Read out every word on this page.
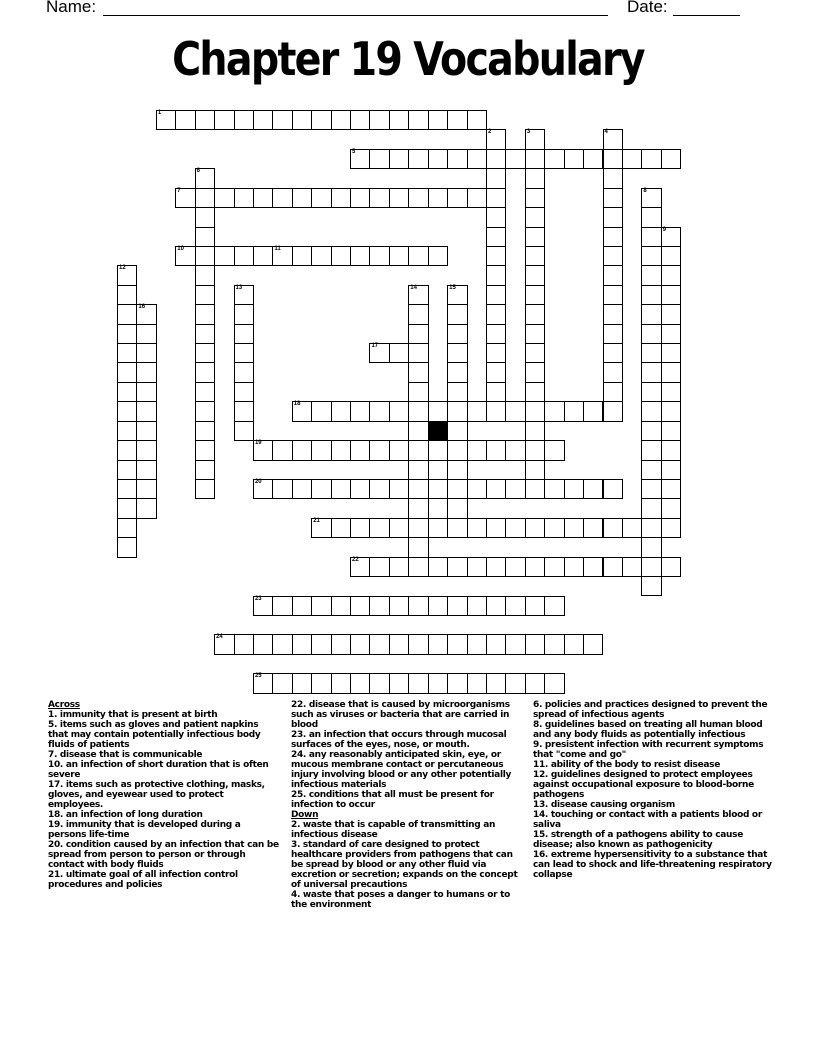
Name:	Date:
Chapter 19 Vocabulary
1
5
7
10	11
17
18
19
20
21
22
23
24
25
2	3	4
6
8
9
12
13	14	15
16

Across

1. immunity that is present at birth

5. items such as gloves and patient napkins that may contain potentially infectious body fluids of patients

7. disease that is communicable

10. an infection of short duration that is often severe

17. items such as protective clothing, masks, gloves, and eyewear used to protect employees.

18. an infection of long duration

19. immunity that is developed during a persons life-time

20. condition caused by an infection that can be spread from person to person or through contact with body fluids

21. ultimate goal of all infection control procedures and policies

22. disease that is caused by microorganisms such as viruses or bacteria that are carried in blood

23. an infection that occurs through mucosal surfaces of the eyes, nose, or mouth.

24. any reasonably anticipated skin, eye, or mucous membrane contact or percutaneous injury involving blood or any other potentially infectious materials

25. conditions that all must be present for infection to occur

Down

2. waste that is capable of transmitting an infectious disease

3. standard of care designed to protect healthcare providers from pathogens that can be spread by blood or any other fluid via excretion or secretion; expands on the concept of universal precautions

4. waste that poses a danger to humans or to the environment

6. policies and practices designed to prevent the spread of infectious agents

8. guidelines based on treating all human blood and any body fluids as potentially infectious

9. presistent infection with recurrent symptoms that "come and go"

11. ability of the body to resist disease

12. guidelines designed to protect employees against occupational exposure to blood-borne pathogens

13. disease causing organism

14. touching or contact with a patients blood or saliva

15. strength of a pathogens ability to cause disease; also known as pathogenicity

16. extreme hypersensitivity to a substance that can lead to shock and life-threatening respiratory collapse
